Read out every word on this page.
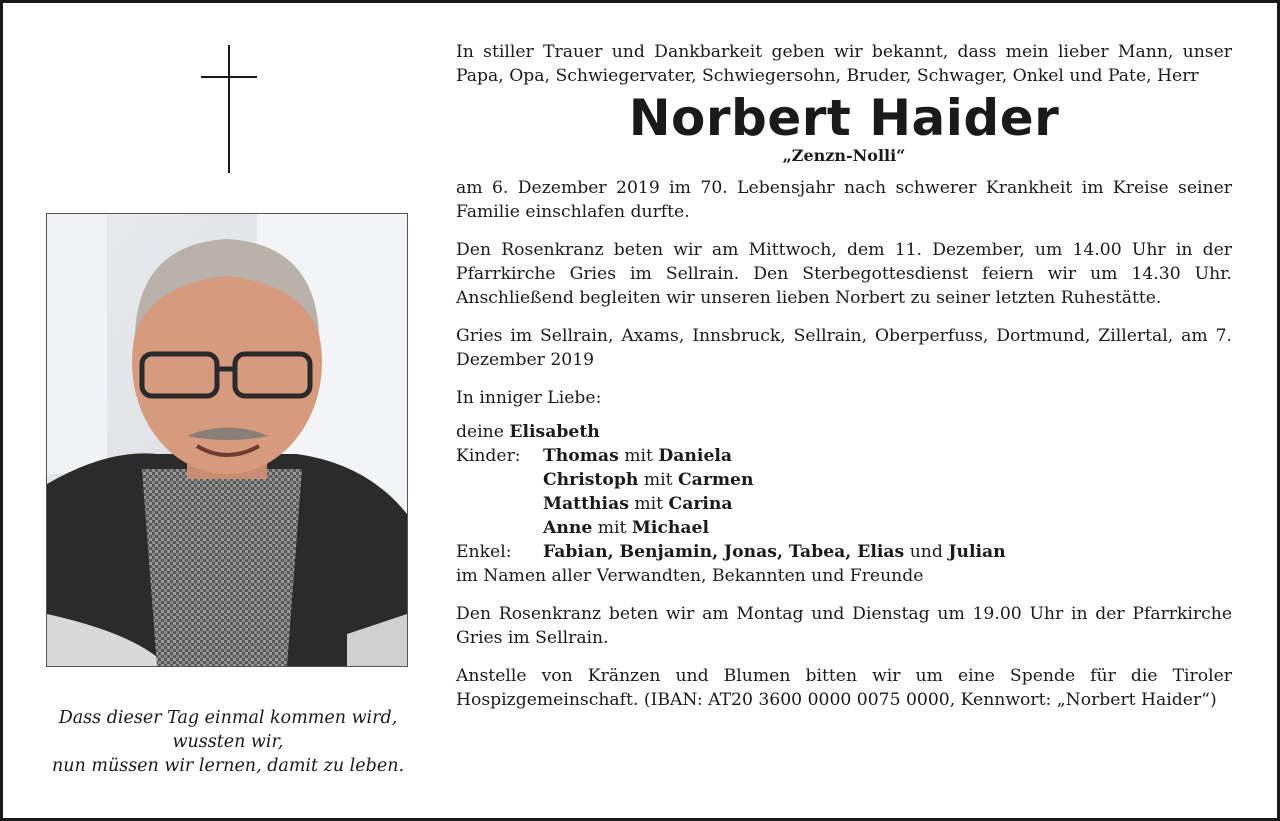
Dass dieser Tag einmal kommen wird,
wussten wir,
nun müssen wir lernen, damit zu leben.

In stiller Trauer und Dankbarkeit geben wir bekannt, dass mein lieber Mann, unser Papa, Opa, Schwiegervater, Schwiegersohn, Bruder, Schwager, Onkel und Pate, Herr

Norbert Haider
„Zenzn-Nolli“

am 6. Dezember 2019 im 70. Lebensjahr nach schwerer Krankheit im Kreise seiner Familie einschlafen durfte.

Den Rosenkranz beten wir am Mittwoch, dem 11. Dezember, um 14.00 Uhr in der Pfarrkirche Gries im Sellrain. Den Sterbegottesdienst feiern wir um 14.30 Uhr. Anschließend begleiten wir unseren lieben Norbert zu seiner letzten Ruhestätte.

Gries im Sellrain, Axams, Innsbruck, Sellrain, Oberperfuss, Dortmund, Zillertal, am 7. Dezember 2019

In inniger Liebe:
deine
Elisabeth
Kinder:	Thomas mit Daniela
Christoph mit Carmen
Matthias mit Carina
Anne mit Michael
Enkel:	Fabian, Benjamin, Jonas, Tabea, Elias und Julian
im Namen aller Verwandten, Bekannten und Freunde

Den Rosenkranz beten wir am Montag und Dienstag um 19.00 Uhr in der Pfarrkirche Gries im Sellrain.

Anstelle von Kränzen und Blumen bitten wir um eine Spende für die Tiroler Hospizgemeinschaft. (IBAN: AT20 3600 0000 0075 0000, Kennwort: „Norbert Haider“)
